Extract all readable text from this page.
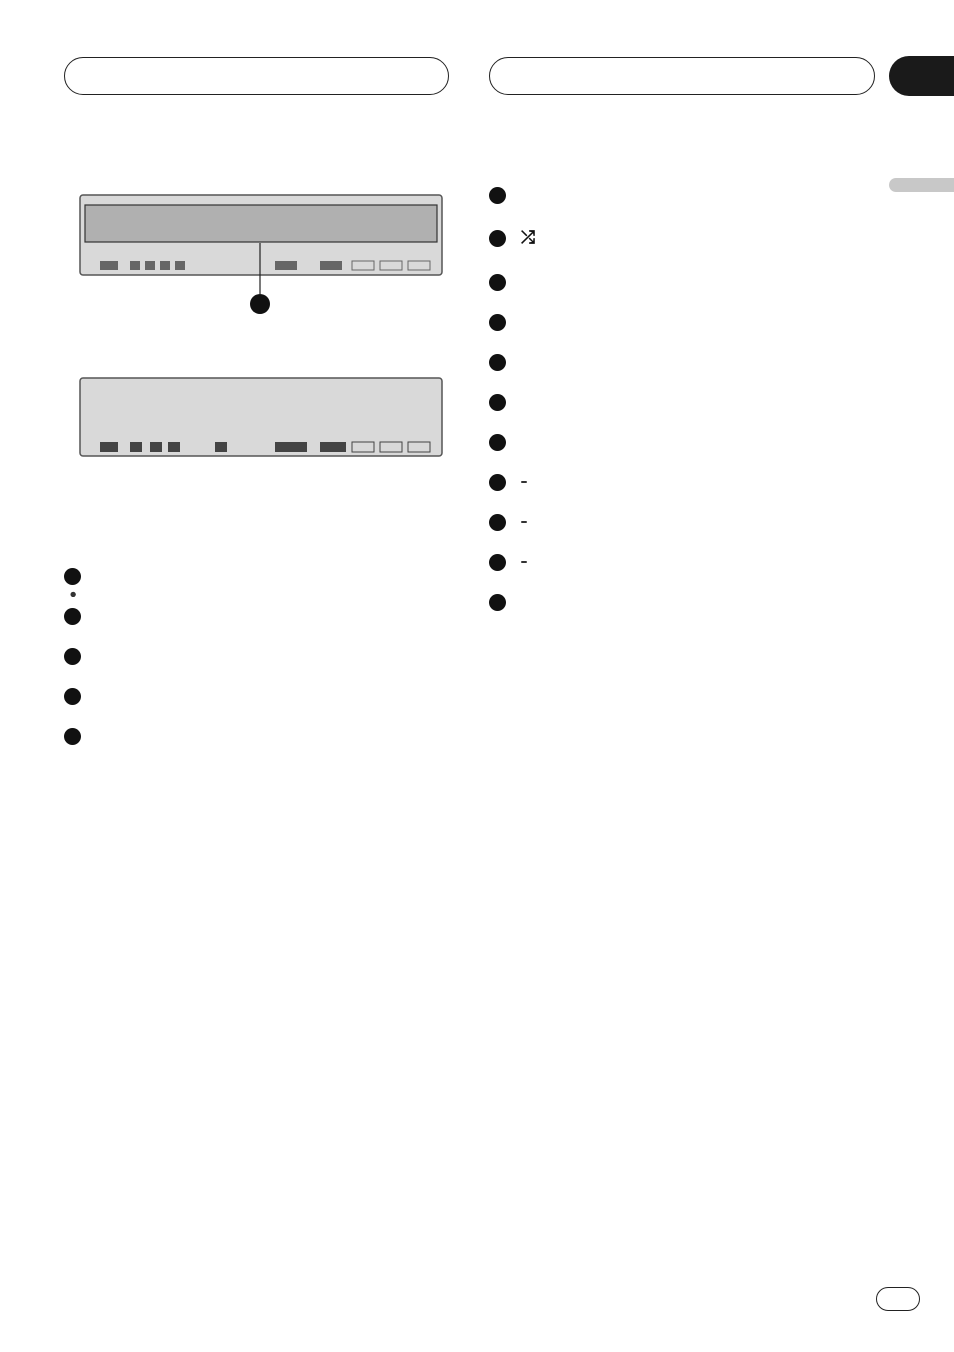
⤮
